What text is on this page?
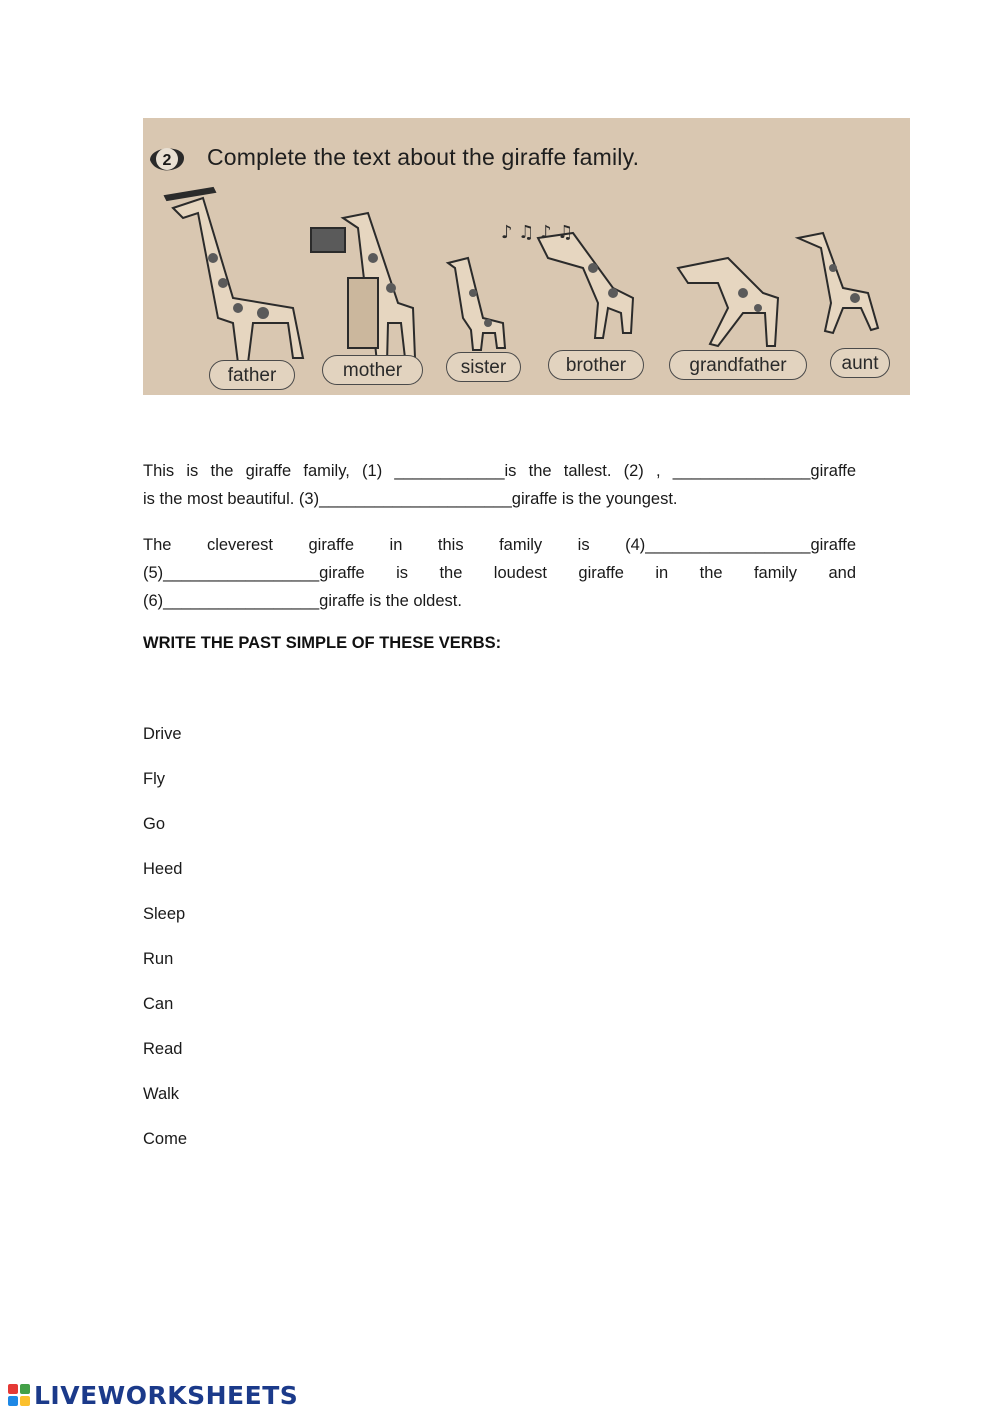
♪ ♫ ♪ ♫
2 Complete the text about the giraffe family.
father	mother	sister	brother	grandfather	aunt
This is the giraffe family, (1) ____________is the tallest. (2) , _______________giraffe
is the most beautiful. (3)_____________________giraffe is the youngest.
The cleverest giraffe in this family is (4)__________________giraffe
(5)_________________giraffe is the loudest giraffe in the family and
(6)_________________giraffe is the oldest.
WRITE THE PAST SIMPLE OF THESE VERBS:
Drive
Fly
Go
Heed
Sleep
Run
Can
Read
Walk
Come
LIVEWORKSHEETS
